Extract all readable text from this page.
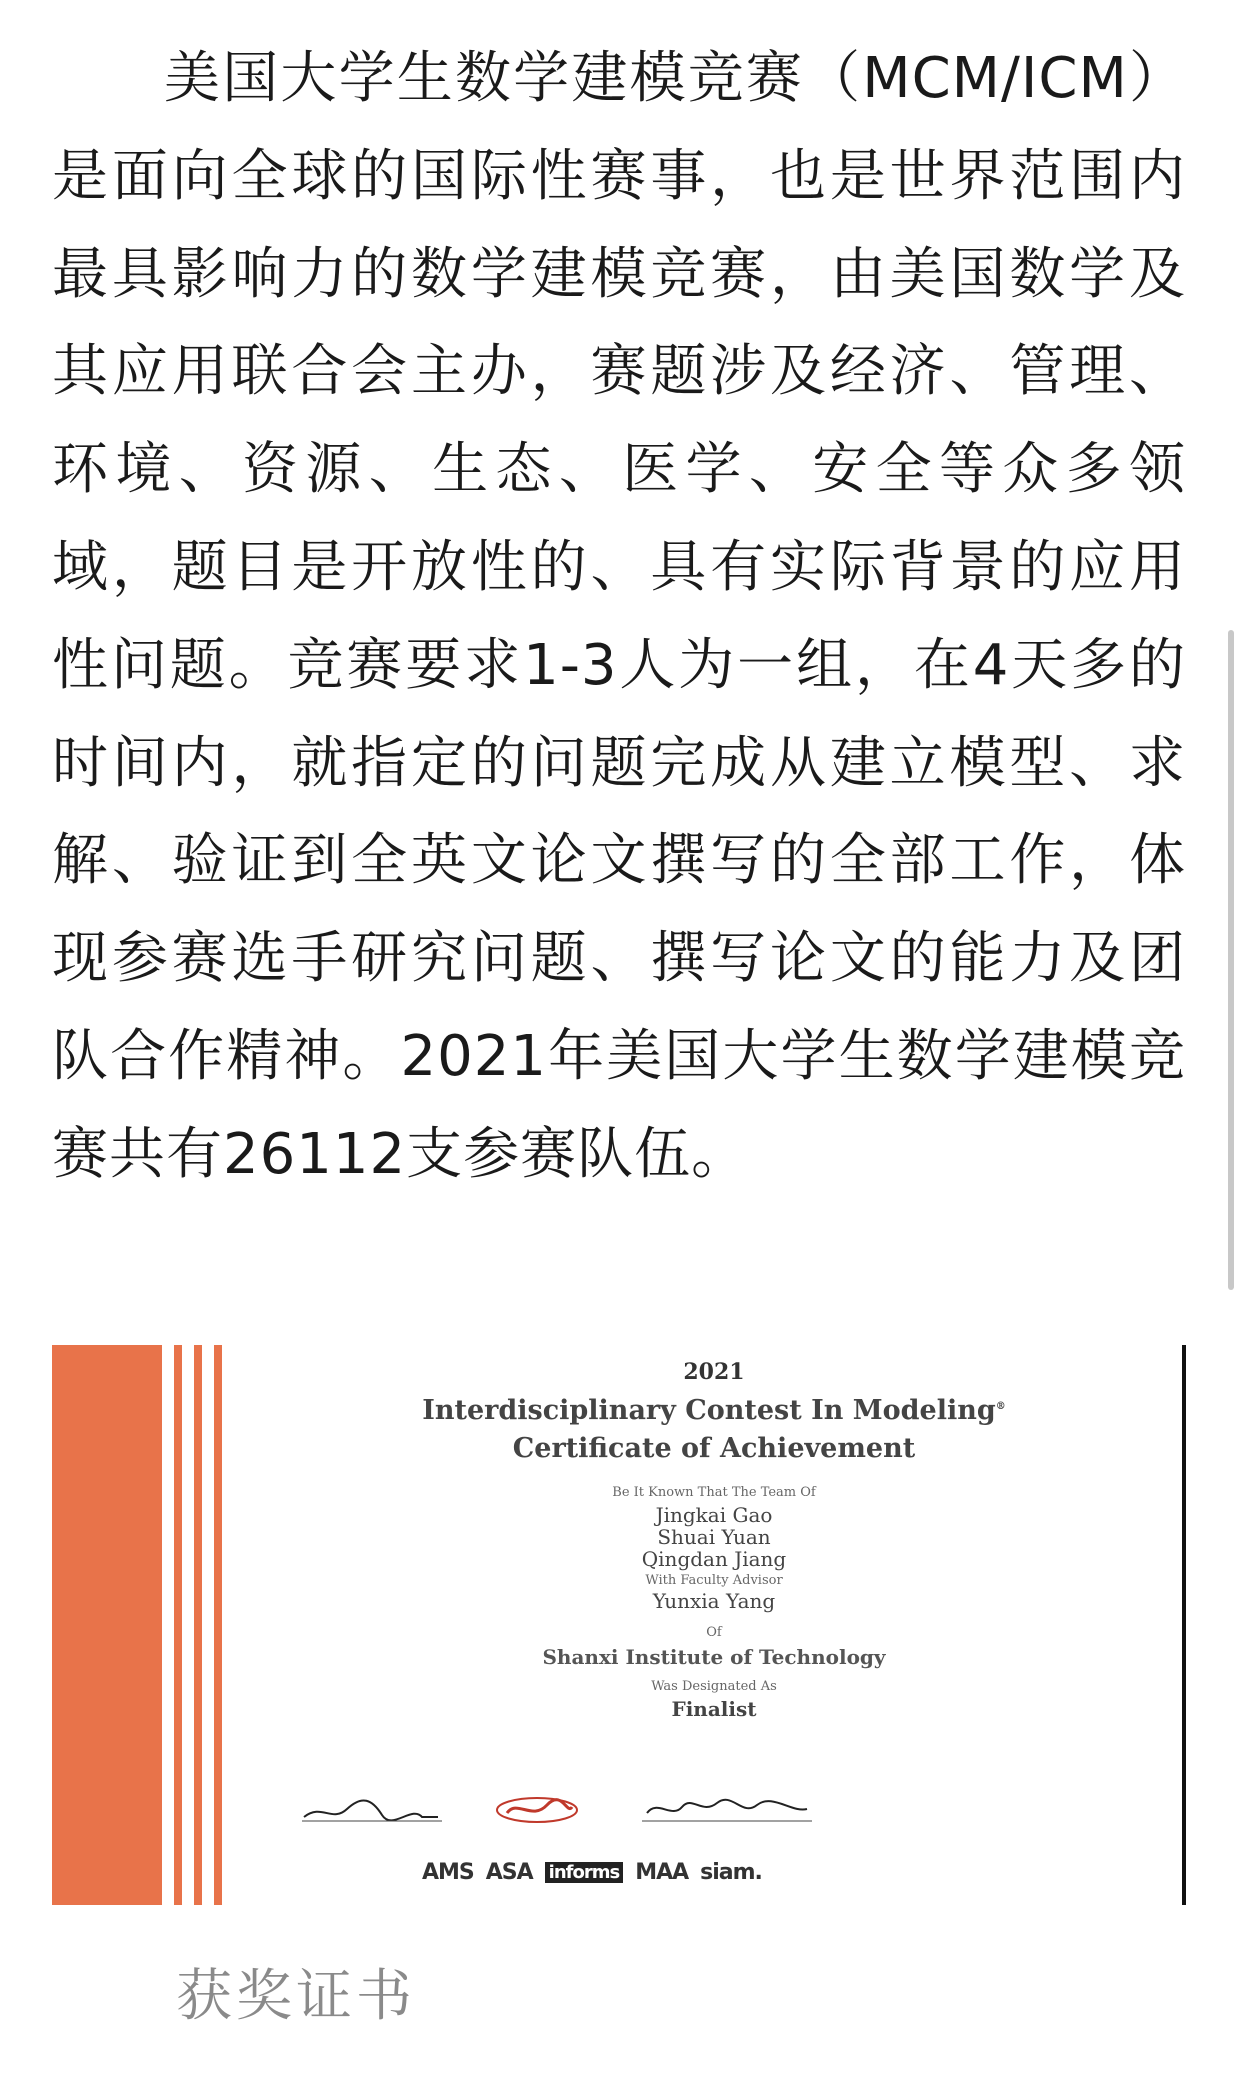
美国大学生数学建模竞赛（MCM/ICM）是面向全球的国际性赛事，也是世界范围内最具影响力的数学建模竞赛，由美国数学及其应用联合会主办，赛题涉及经济、管理、环境、资源、生态、医学、安全等众多领域，题目是开放性的、具有实际背景的应用性问题。竞赛要求1-3人为一组，在4天多的时间内，就指定的问题完成从建立模型、求解、验证到全英文论文撰写的全部工作，体现参赛选手研究问题、撰写论文的能力及团队合作精神。2021年美国大学生数学建模竞赛共有26112支参赛队伍。
2021
Interdisciplinary Contest In Modeling®
Certificate of Achievement
Be It Known That The Team Of
Jingkai Gao
Shuai Yuan
Qingdan Jiang
With Faculty Advisor
Yunxia Yang
Of
Shanxi Institute of Technology
Was Designated As
Finalist
AMS ASA informs MAA siam.
获奖证书
